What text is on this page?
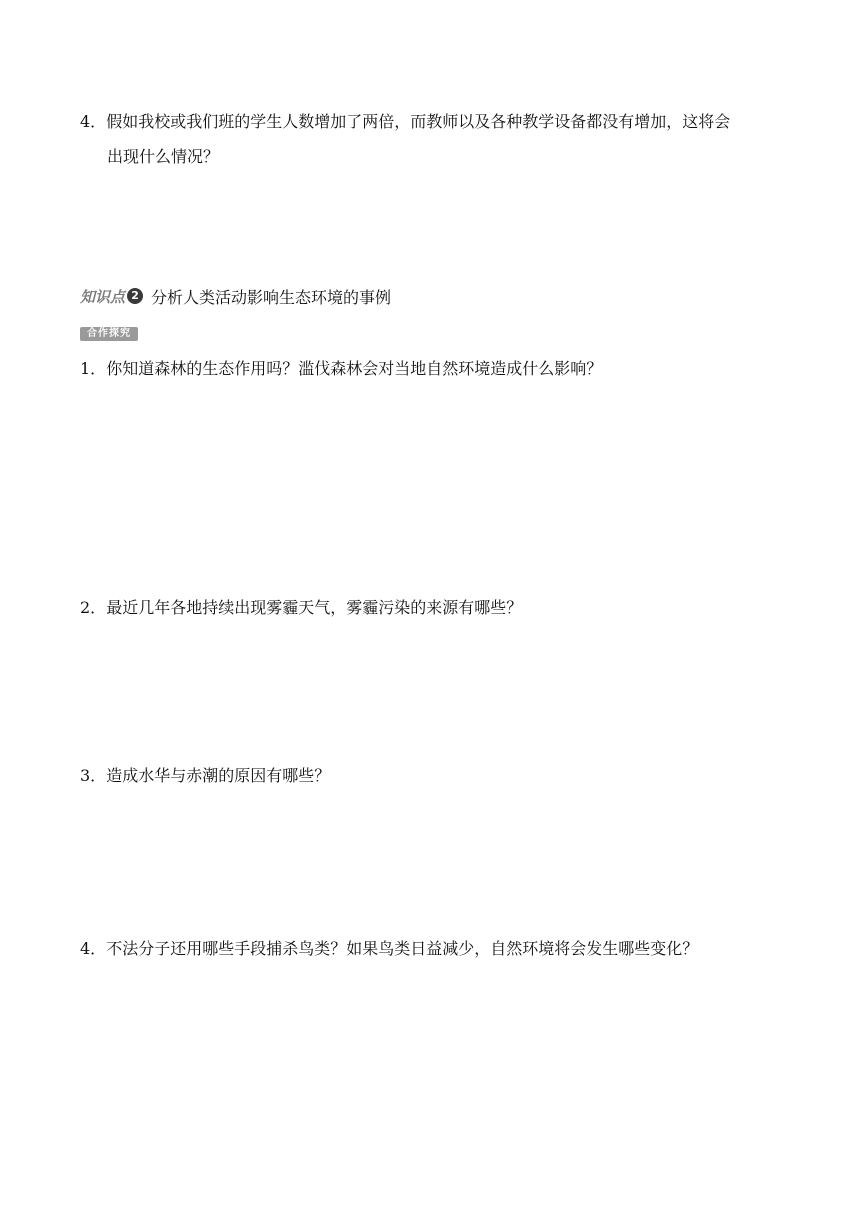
4．假如我校或我们班的学生人数增加了两倍，而教师以及各种教学设备都没有增加，这将会
出现什么情况？
知识点 2 分析人类活动影响生态环境的事例
合作探究
1．你知道森林的生态作用吗？滥伐森林会对当地自然环境造成什么影响？
2．最近几年各地持续出现雾霾天气，雾霾污染的来源有哪些？
3．造成水华与赤潮的原因有哪些？
4．不法分子还用哪些手段捕杀鸟类？如果鸟类日益减少，自然环境将会发生哪些变化？
